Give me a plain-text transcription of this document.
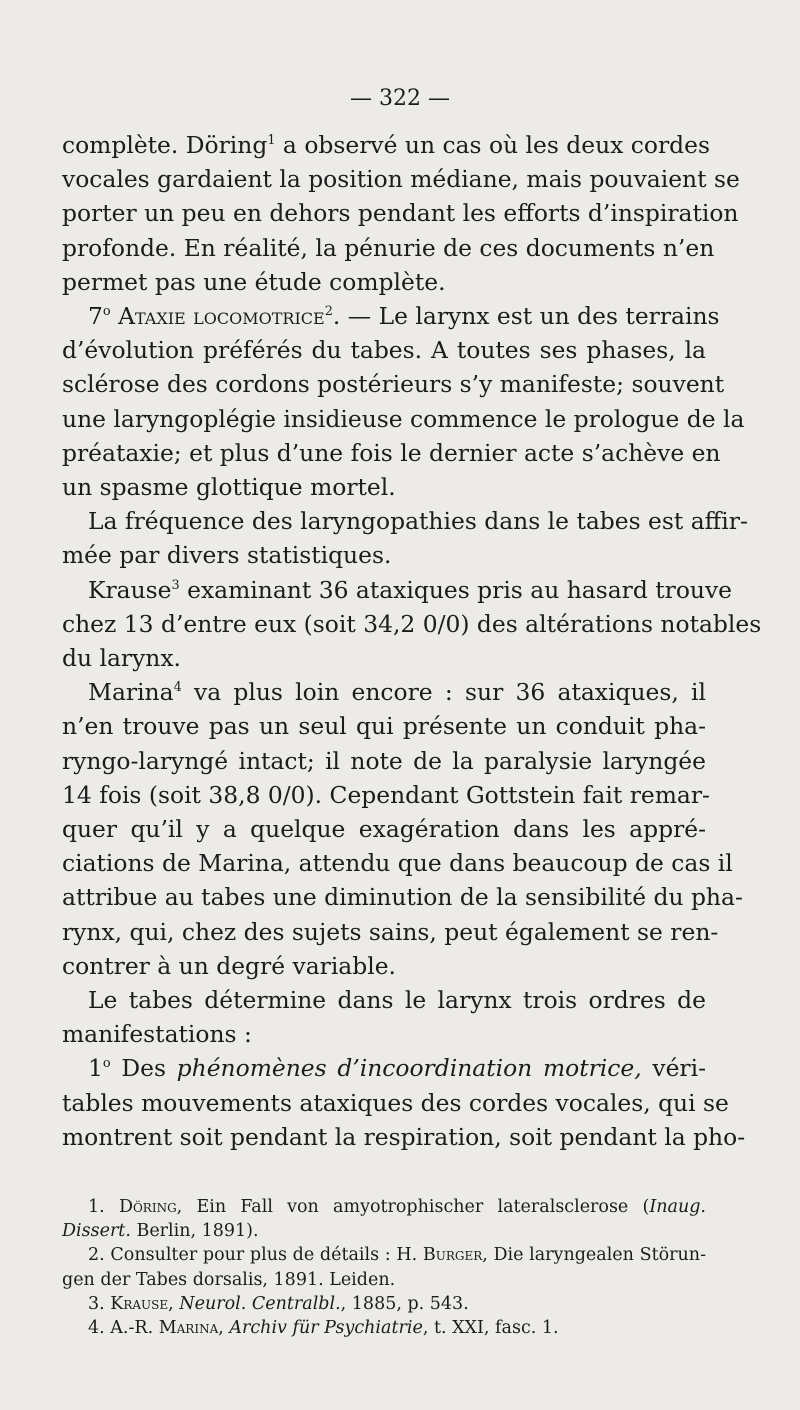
— 322 —
complète. Döring$^1$ a observé un cas où les deux cordes
vocales gardaient la position médiane, mais pouvaient se
porter un peu en dehors pendant les efforts d’inspiration
profonde. En réalité, la pénurie de ces documents n’en
permet pas une étude complète.
7$^o$ Ataxie locomotrice$^2$. — Le larynx est un des terrains
d’évolution préférés du tabes. A toutes ses phases, la
sclérose des cordons postérieurs s’y manifeste; souvent
une laryngoplégie insidieuse commence le prologue de la
préataxie; et plus d’une fois le dernier acte s’achève en
un spasme glottique mortel.
La fréquence des laryngopathies dans le tabes est affir-
mée par divers statistiques.
Krause$^3$ examinant 36 ataxiques pris au hasard trouve
chez 13 d’entre eux (soit 34,2 0/0) des altérations notables
du larynx.
Marina$^4$ va plus loin encore : sur 36 ataxiques, il
n’en trouve pas un seul qui présente un conduit pha-
ryngo-laryngé intact; il note de la paralysie laryngée
14 fois (soit 38,8 0/0). Cependant Gottstein fait remar-
quer qu’il y a quelque exagération dans les appré-
ciations de Marina, attendu que dans beaucoup de cas il
attribue au tabes une diminution de la sensibilité du pha-
rynx, qui, chez des sujets sains, peut également se ren-
contrer à un degré variable.
Le tabes détermine dans le larynx trois ordres de
manifestations :
1$^o$ Des phénomènes d’incoordination motrice, véri-
tables mouvements ataxiques des cordes vocales, qui se
montrent soit pendant la respiration, soit pendant la pho-
1. Döring, Ein Fall von amyotrophischer lateralsclerose (Inaug.
Dissert. Berlin, 1891).
2. Consulter pour plus de détails : H. Burger, Die laryngealen Störun-
gen der Tabes dorsalis, 1891. Leiden.
3. Krause, Neurol. Centralbl., 1885, p. 543.
4. A.-R. Marina, Archiv für Psychiatrie, t. XXI, fasc. 1.
